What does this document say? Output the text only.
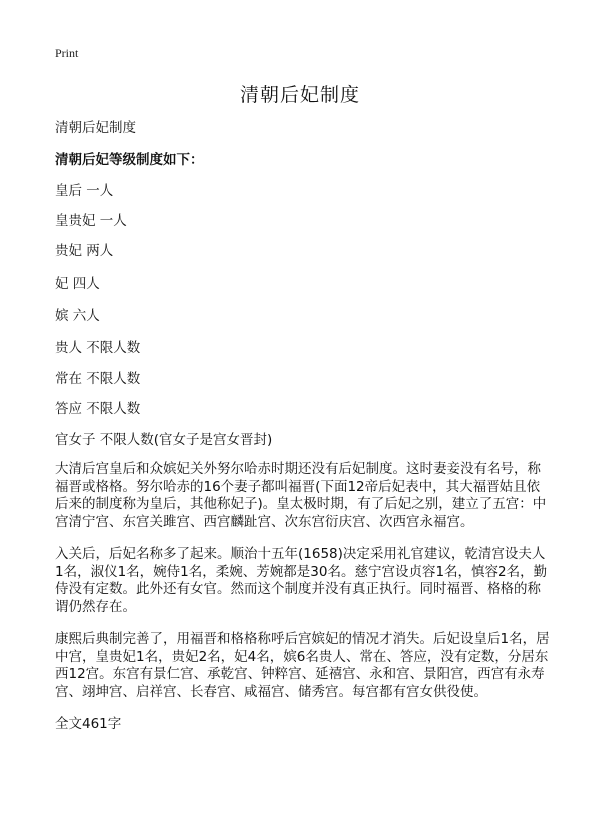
Print
清朝后妃制度
清朝后妃制度
清朝后妃等级制度如下：
皇后 一人
皇贵妃 一人
贵妃 两人
妃 四人
嫔 六人
贵人 不限人数
常在 不限人数
答应 不限人数
官女子 不限人数(官女子是宫女晋封)
大清后宫皇后和众嫔妃关外努尔哈赤时期还没有后妃制度。这时妻妾没有名号，称福晋或格格。努尔哈赤的16个妻子都叫福晋(下面12帝后妃表中，其大福晋姑且依后来的制度称为皇后，其他称妃子)。皇太极时期，有了后妃之别，建立了五宫：中宫清宁宫、东宫关雎宫、西宫麟趾宫、次东宫衍庆宫、次西宫永福宫。
入关后，后妃名称多了起来。顺治十五年(1658)决定采用礼官建议，乾清宫设夫人1名，淑仪1名，婉侍1名，柔婉、芳婉都是30名。慈宁宫设贞容1名，慎容2名，勤侍没有定数。此外还有女官。然而这个制度并没有真正执行。同时福晋、格格的称谓仍然存在。
康熙后典制完善了，用福晋和格格称呼后宫嫔妃的情况才消失。后妃设皇后1名，居中宫，皇贵妃1名，贵妃2名，妃4名，嫔6名贵人、常在、答应，没有定数，分居东西12宫。东宫有景仁宫、承乾宫、钟粹宫、延禧宫、永和宫、景阳宫，西宫有永寿宫、翊坤宫、启祥宫、长春宫、咸福宫、储秀宫。每宫都有宫女供役使。
全文461字
